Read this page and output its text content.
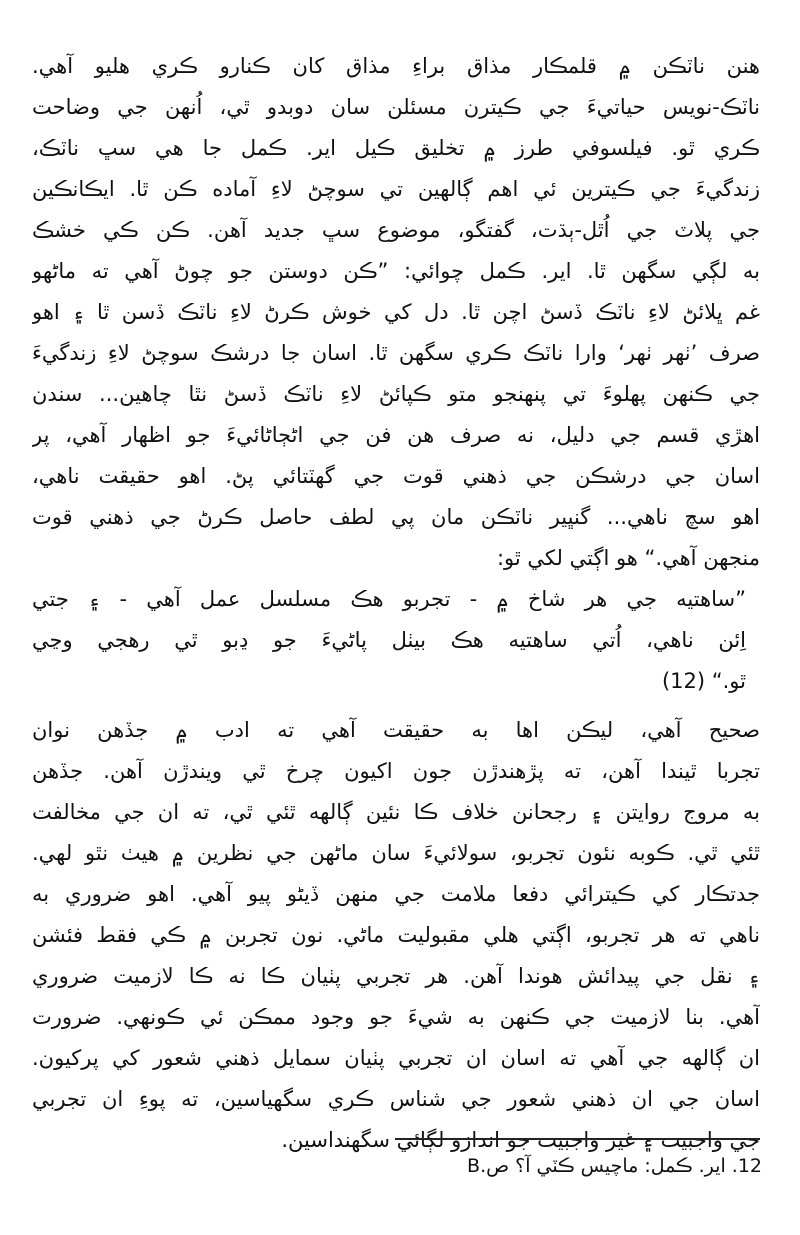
هنن ناٽڪن ۾ قلمڪار مذاق براءِ مذاق کان ڪنارو ڪري هليو آهي.
ناٽڪ-نويس حياتيءَ جي ڪيترن مسئلن سان دوبدو ٿي، اُنهن جي وضاحت
ڪري ٿو. فيلسوفي طرز ۾ تخليق ڪيل اير. ڪمل جا هي سڀ ناٽڪ،
زندگيءَ جي ڪيترين ئي اهم ڳالهين تي سوچڻ لاءِ آماده ڪن ٿا. ايڪانڪين
جي پلاٽ جي اُٿل-ٻڌت، گفتگو، موضوع سڀ جديد آهن. ڪن ڪي خشڪ
به لڳي سگهن ٿا. اير. ڪمل چوائي: ”ڪن دوستن جو چوڻ آهي ته ماڻهو
غم ڀلائڻ لاءِ ناٽڪ ڏسڻ اچن ٿا. دل کي خوش ڪرڻ لاءِ ناٽڪ ڏسن ٿا ۽ اهو
صرف ’ٺهر ٺهر‘ وارا ناٽڪ ڪري سگهن ٿا. اسان جا درشڪ سوچڻ لاءِ زندگيءَ
جي ڪنهن پهلوءَ تي پنهنجو متو ڪپائڻ لاءِ ناٽڪ ڏسڻ نٿا چاهين... سندن
اهڙي قسم جي دليل، نه صرف هن فن جي اڻڄاڻائيءَ جو اظهار آهي، پر
اسان جي درشڪن جي ذهني قوت جي گهٽتائي پڻ. اهو حقيقت ناهي،
اهو سچ ناهي... گنڀير ناٽڪن مان پي لطف حاصل ڪرڻ جي ذهني قوت
منجهن آهي.“ هو اڳتي لکي ٿو:
”ساهتيه جي هر شاخ ۾ - تجربو هڪ مسلسل عمل آهي - ۽ جتي
اِئن ناهي، اُتي ساهتيه هڪ بيٺل پاڻيءَ جو ڍبو ٿي رهجي وڃي
ٿو.“ (12)
صحيح آهي، ليڪن اها به حقيقت آهي ته ادب ۾ جڏهن نوان
تجربا ٿيندا آهن، ته پڙهندڙن جون اکيون چرخ ٿي ويندڙن آهن. جڏهن
به مروج روايتن ۽ رجحانن خلاف ڪا نئين ڳالهه ٿئي ٿي، ته ان جي مخالفت
ٿئي ٿي. ڪوبه نئون تجربو، سولائيءَ سان ماڻهن جي نظرين ۾ هيٺ نٿو لهي.
جدتڪار کي ڪيترائي دفعا ملامت جي منهن ڏيڻو پيو آهي. اهو ضروري به
ناهي ته هر تجربو، اڳتي هلي مقبوليت ماڻي. نون تجربن ۾ ڪي فقط فئشن
۽ نقل جي پيدائش هوندا آهن. هر تجربي پٺيان ڪا نه ڪا لازميت ضروري
آهي. بنا لازميت جي ڪنهن به شيءَ جو وجود ممڪن ئي ڪونهي. ضرورت
ان ڳالهه جي آهي ته اسان ان تجربي پٺيان سمايل ذهني شعور کي پرکيون.
اسان جي ان ذهني شعور جي شناس ڪري سگهياسين، ته پوءِ ان تجربي
جي واجبيت ۽ غير واجبيت جو اندازو لڳائي سگهنداسين.
12. اير. ڪمل: ماچيس ڪٽي آ؟ ص.B
